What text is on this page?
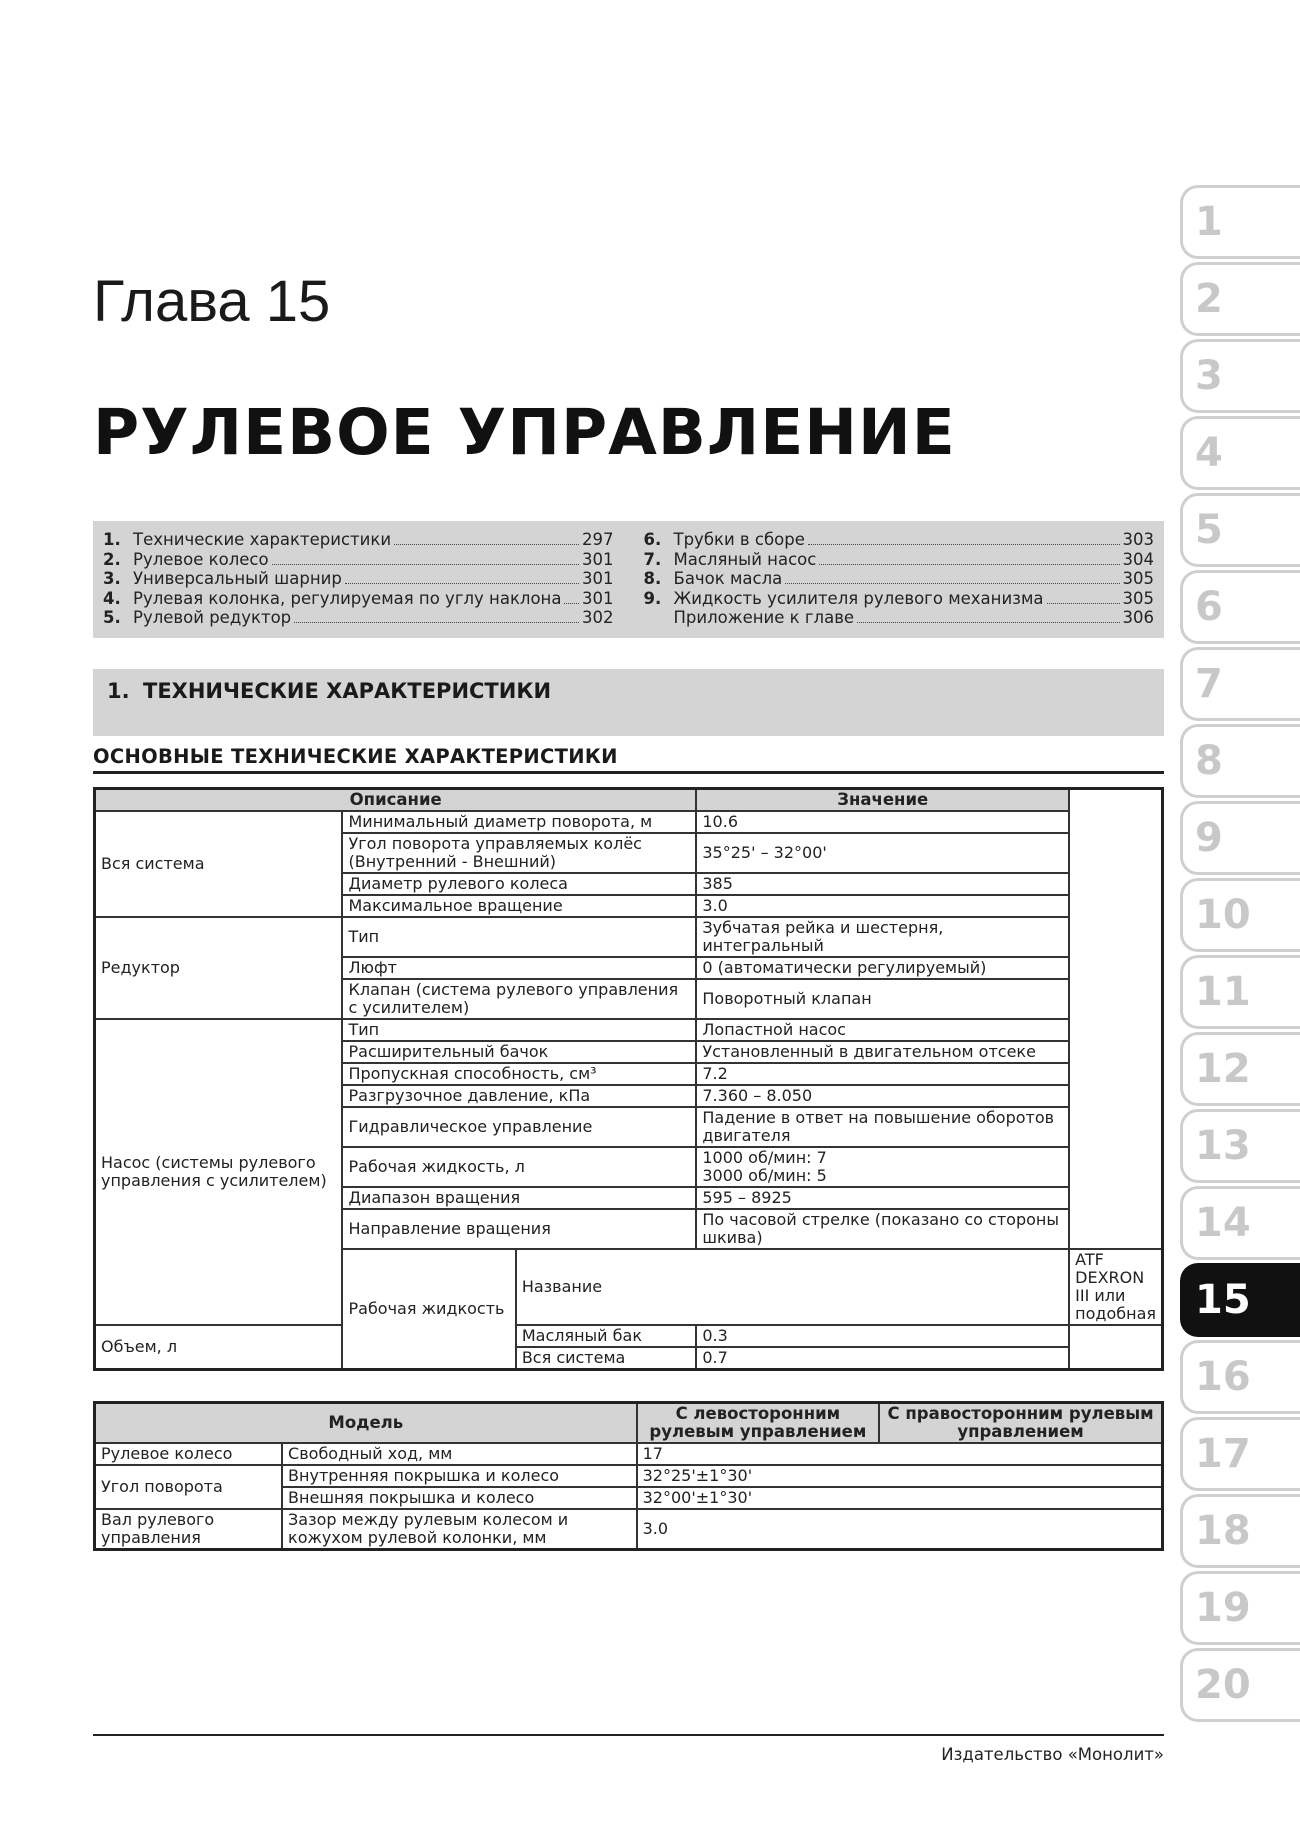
Глава 15
РУЛЕВОЕ УПРАВЛЕНИЕ
1. Технические характеристики	297
2. Рулевое колесо	301
3. Универсальный шарнир	301
4. Рулевая колонка, регулируемая по углу наклона 301
5. Рулевой редуктор	302
6. Трубки в сборе	303
7. Масляный насос	304
8. Бачок масла	305
9. Жидкость усилителя рулевого механизма	305
Приложение к главе	306
1. ТЕХНИЧЕСКИЕ ХАРАКТЕРИСТИКИ
ОСНОВНЫЕ ТЕХНИЧЕСКИЕ ХАРАКТЕРИСТИКИ
Описание			Значение	
Вся система	Минимальный диаметр поворота, м		10.6	
	Угол поворота управляемых колёс (Внутренний - Внешний)		35°25' – 32°00'	
	Диаметр рулевого колеса		385	
	Максимальное вращение		3.0	
Редуктор	Тип		Зубчатая рейка и шестерня, интегральный	
	Люфт		0 (автоматически регулируемый)	
	Клапан (система рулевого управления с усилителем)		Поворотный клапан	
Насос (системы рулевого управления с усилителем)	Тип		Лопастной насос	
	Расширительный бачок		Установленный в двигательном отсеке	
	Пропускная способность, см³		7.2	
	Разгрузочное давление, кПа		7.360 – 8.050	
	Гидравлическое управление		Падение в ответ на повышение оборотов двигателя	
	Рабочая жидкость, л		1000 об/мин: 7
3000 об/мин: 5	
	Диапазон вращения		595 – 8925	
	Направление вращения		По часовой стрелке (показано со стороны шкива)	
	Рабочая жидкость	Название		ATF DEXRON III или подобная
Объем, л		Масляный бак	0.3	
		Вся система	0.7	
Модель		С левосторонним рулевым управлением	С правосторонним рулевым управлением
Рулевое колесо	Свободный ход, мм	17	
Угол поворота	Внутренняя покрышка и колесо	32°25'±1°30'	
	Внешняя покрышка и колесо	32°00'±1°30'	
Вал рулевого управления	Зазор между рулевым колесом и кожухом рулевой колонки, мм	3.0	
1
2
3
4
5
6
7
8
9
10
11
12
13
14
15
16
17
18
19
20
Издательство «Монолит»
